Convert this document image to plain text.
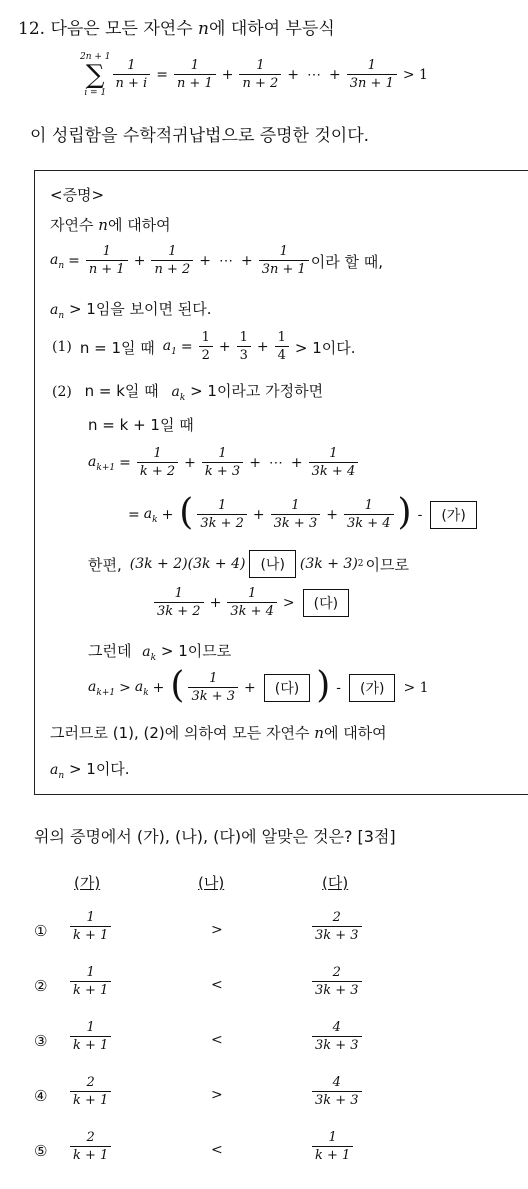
12. 다음은 모든 자연수 n에 대하여 부등식
2n + 1
∑
i = 1
$\frac{1}{n + i} = \frac{1}{n + 1} + \frac{1}{n + 2}$ + ⋯ + $\frac{1}{3n + 1} > 1$
이 성립함을 수학적귀납법으로 증명한 것이다.
<증명>
자연수 n에 대하여
$a_n = \frac{1}{n + 1} + \frac{1}{n + 2}$ + ⋯ + $\frac{1}{3n + 1}$ 이라 할 때,
$a_n > 1$임을 보이면 된다.
(1) n = 1일 때 $a_1 = \frac{1}{2} + \frac{1}{3} + \frac{1}{4} > 1$이다.
(2) n = k일 때 $a_k > 1$이라고 가정하면
n = k + 1일 때
$a_{k+1} = \frac{1}{k + 2} + \frac{1}{k + 3}$ + ⋯ + $\frac{1}{3k + 4}$
= $a_k$ + ( $\frac{1}{3k + 2} + \frac{1}{3k + 3} + \frac{1}{3k + 4}$ ) -	(가)
한편, (3k + 2)(3k + 4)	(나)	(3k + 3) 2 이므로
$\frac{1}{3k + 2} + \frac{1}{3k + 4}$ >	(다)
그런데 $a_k > 1$이므로
$a_{k+1} > a_k$ + ( $\frac{1}{3k + 3}$ +	(다) ) -	(가)	> 1
그러므로 (1), (2)에 의하여 모든 자연수 n에 대하여
$a_n > 1$이다.
위의 증명에서 (가), (나), (다)에 알맞은 것은? [3점]
(가)	(나)	(다)
① $\frac{1}{k + 1}$	>	$\frac{2}{3k + 3}$
② $\frac{1}{k + 1}$	<	$\frac{2}{3k + 3}$
③ $\frac{1}{k + 1}$	<	$\frac{4}{3k + 3}$
④ $\frac{2}{k + 1}$	>	$\frac{4}{3k + 3}$
⑤ $\frac{2}{k + 1}$	<	$\frac{1}{k + 1}$
